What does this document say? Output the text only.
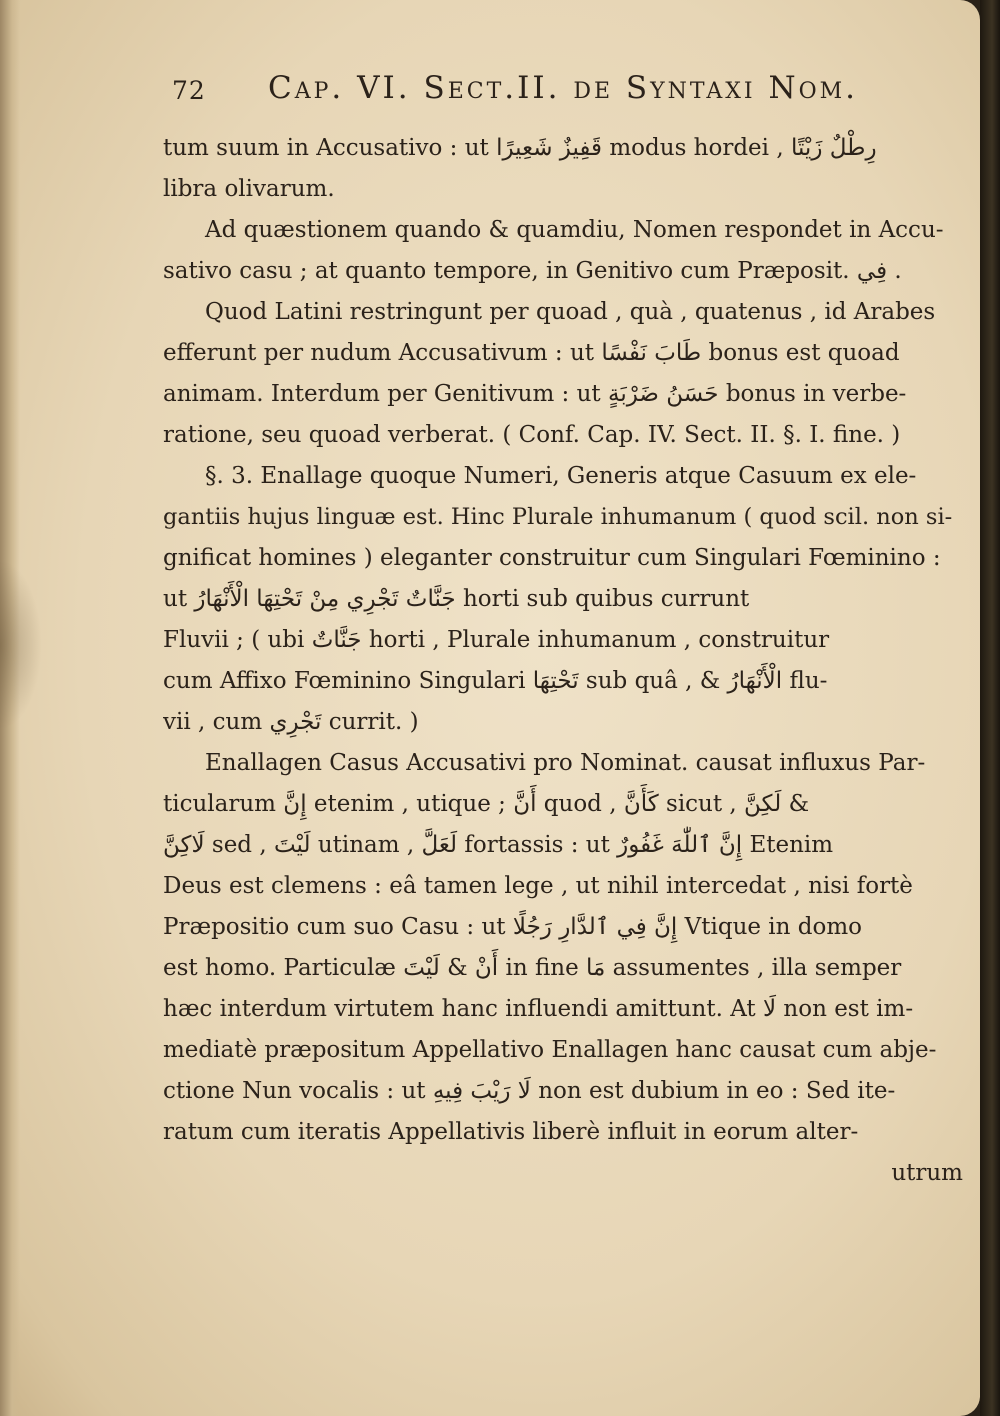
72 Cap. VI. Sect.II. de Syntaxi Nom.
tum suum in Accusativo : ut قَفِيزٌ شَعِيرًا modus hordei , رِطْلٌ زَيْتًا
libra olivarum.
Ad quæstionem quando & quamdiu, Nomen respondet in Accu-
sativo casu ; at quanto tempore, in Genitivo cum Præposit. فِي .
Quod Latini restringunt per quoad , quà , quatenus , id Arabes
efferunt per nudum Accusativum : ut طَابَ نَفْسًا bonus est quoad
animam. Interdum per Genitivum : ut حَسَنُ ضَرْبَةٍ bonus in verbe-
ratione, seu quoad verberat. ( Conf. Cap. IV. Sect. II. §. I. fine. )
§. 3. Enallage quoque Numeri, Generis atque Casuum ex ele-
gantiis hujus linguæ est. Hinc Plurale inhumanum ( quod scil. non si-
gnificat homines ) eleganter construitur cum Singulari Fœminino :
ut جَنَّاتٌ تَجْرِي مِنْ تَحْتِهَا الْأَنْهَارُ horti sub quibus currunt
Fluvii ; ( ubi جَنَّاتٌ horti , Plurale inhumanum , construitur
cum Affixo Fœminino Singulari تَحْتِهَا sub quâ , & الْأَنْهَارُ flu-
vii , cum تَجْرِي currit. )
Enallagen Casus Accusativi pro Nominat. causat influxus Par-
ticularum إِنَّ etenim , utique ; أَنَّ quod , كَأَنَّ sicut , لَكِنَّ &
لَاكِنَّ sed , لَيْتَ utinam , لَعَلَّ fortassis : ut إِنَّ ٱللّٰهَ غَفُورٌ Etenim
Deus est clemens : eâ tamen lege , ut nihil intercedat , nisi fortè
Præpositio cum suo Casu : ut إِنَّ فِي ٱلدَّارِ رَجُلًا Vtique in domo
est homo. Particulæ أَنْ & لَيْتَ in fine مَا assumentes , illa semper
hæc interdum virtutem hanc influendi amittunt. At لَا non est im-
mediatè præpositum Appellativo Enallagen hanc causat cum abje-
ctione Nun vocalis : ut لَا رَيْبَ فِيهِ non est dubium in eo : Sed ite-
ratum cum iteratis Appellativis liberè influit in eorum alter-
utrum
